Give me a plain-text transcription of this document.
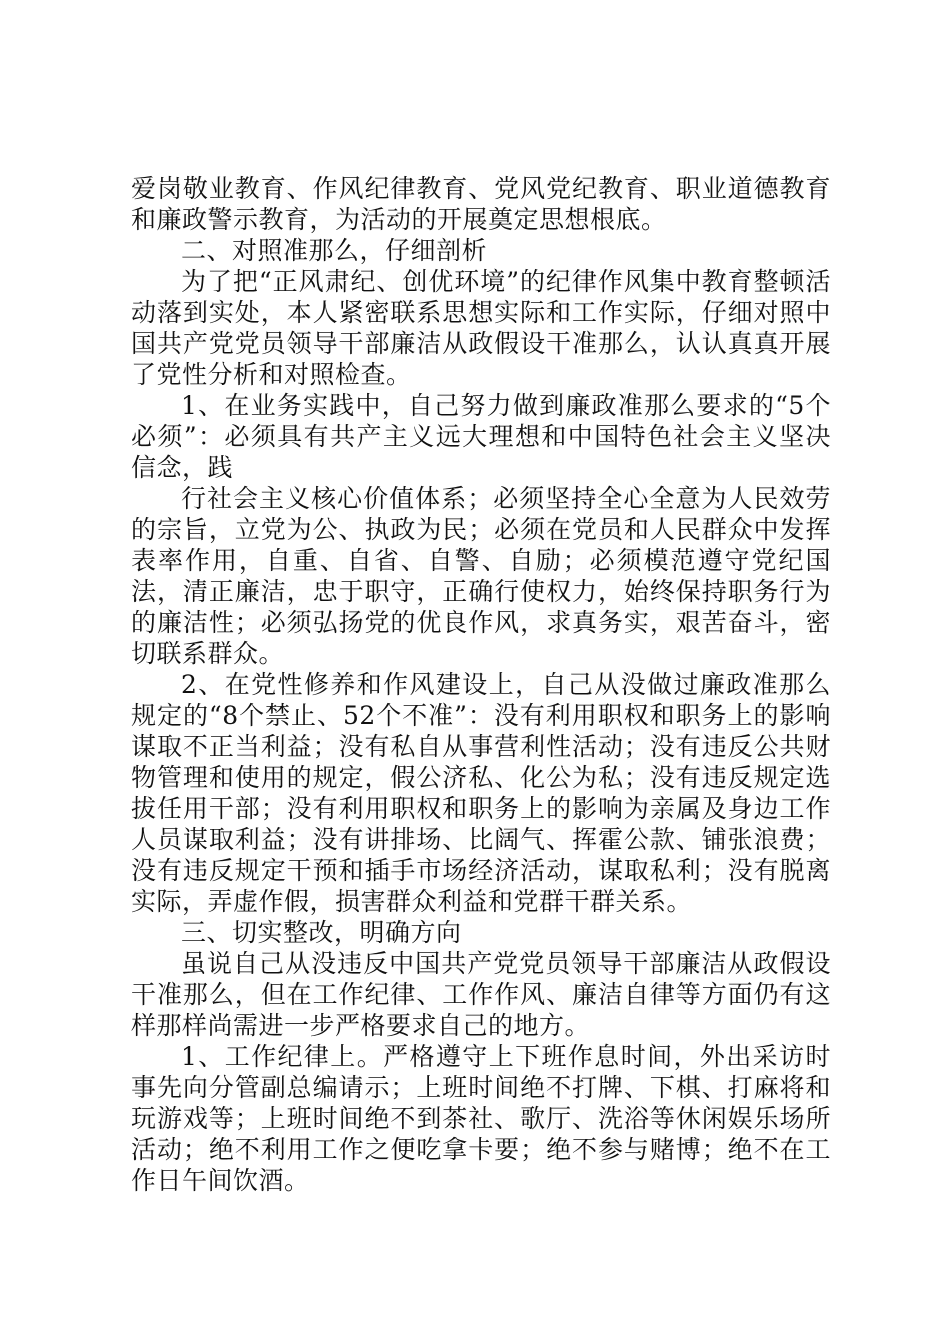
爱岗敬业教育、作风纪律教育、党风党纪教育、职业道德教育和廉政警示教育，为活动的开展奠定思想根底。

二、对照准那么，仔细剖析

为了把“正风肃纪、创优环境”的纪律作风集中教育整顿活动落到实处，本人紧密联系思想实际和工作实际，仔细对照中国共产党党员领导干部廉洁从政假设干准那么，认认真真开展了党性分析和对照检查。

1、在业务实践中，自己努力做到廉政准那么要求的“5个必须”：必须具有共产主义远大理想和中国特色社会主义坚决信念，践

行社会主义核心价值体系；必须坚持全心全意为人民效劳的宗旨，立党为公、执政为民；必须在党员和人民群众中发挥表率作用，自重、自省、自警、自励；必须模范遵守党纪国法，清正廉洁，忠于职守，正确行使权力，始终保持职务行为的廉洁性；必须弘扬党的优良作风，求真务实，艰苦奋斗，密切联系群众。

2、在党性修养和作风建设上，自己从没做过廉政准那么规定的“8个禁止、52个不准”：没有利用职权和职务上的影响谋取不正当利益；没有私自从事营利性活动；没有违反公共财物管理和使用的规定，假公济私、化公为私；没有违反规定选拔任用干部；没有利用职权和职务上的影响为亲属及身边工作人员谋取利益；没有讲排场、比阔气、挥霍公款、铺张浪费；没有违反规定干预和插手市场经济活动，谋取私利；没有脱离实际，弄虚作假，损害群众利益和党群干群关系。

三、切实整改，明确方向

虽说自己从没违反中国共产党党员领导干部廉洁从政假设干准那么，但在工作纪律、工作作风、廉洁自律等方面仍有这样那样尚需进一步严格要求自己的地方。

1、工作纪律上。严格遵守上下班作息时间，外出采访时事先向分管副总编请示；上班时间绝不打牌、下棋、打麻将和玩游戏等；上班时间绝不到茶社、歌厅、洗浴等休闲娱乐场所活动；绝不利用工作之便吃拿卡要；绝不参与赌博；绝不在工作日午间饮酒。
